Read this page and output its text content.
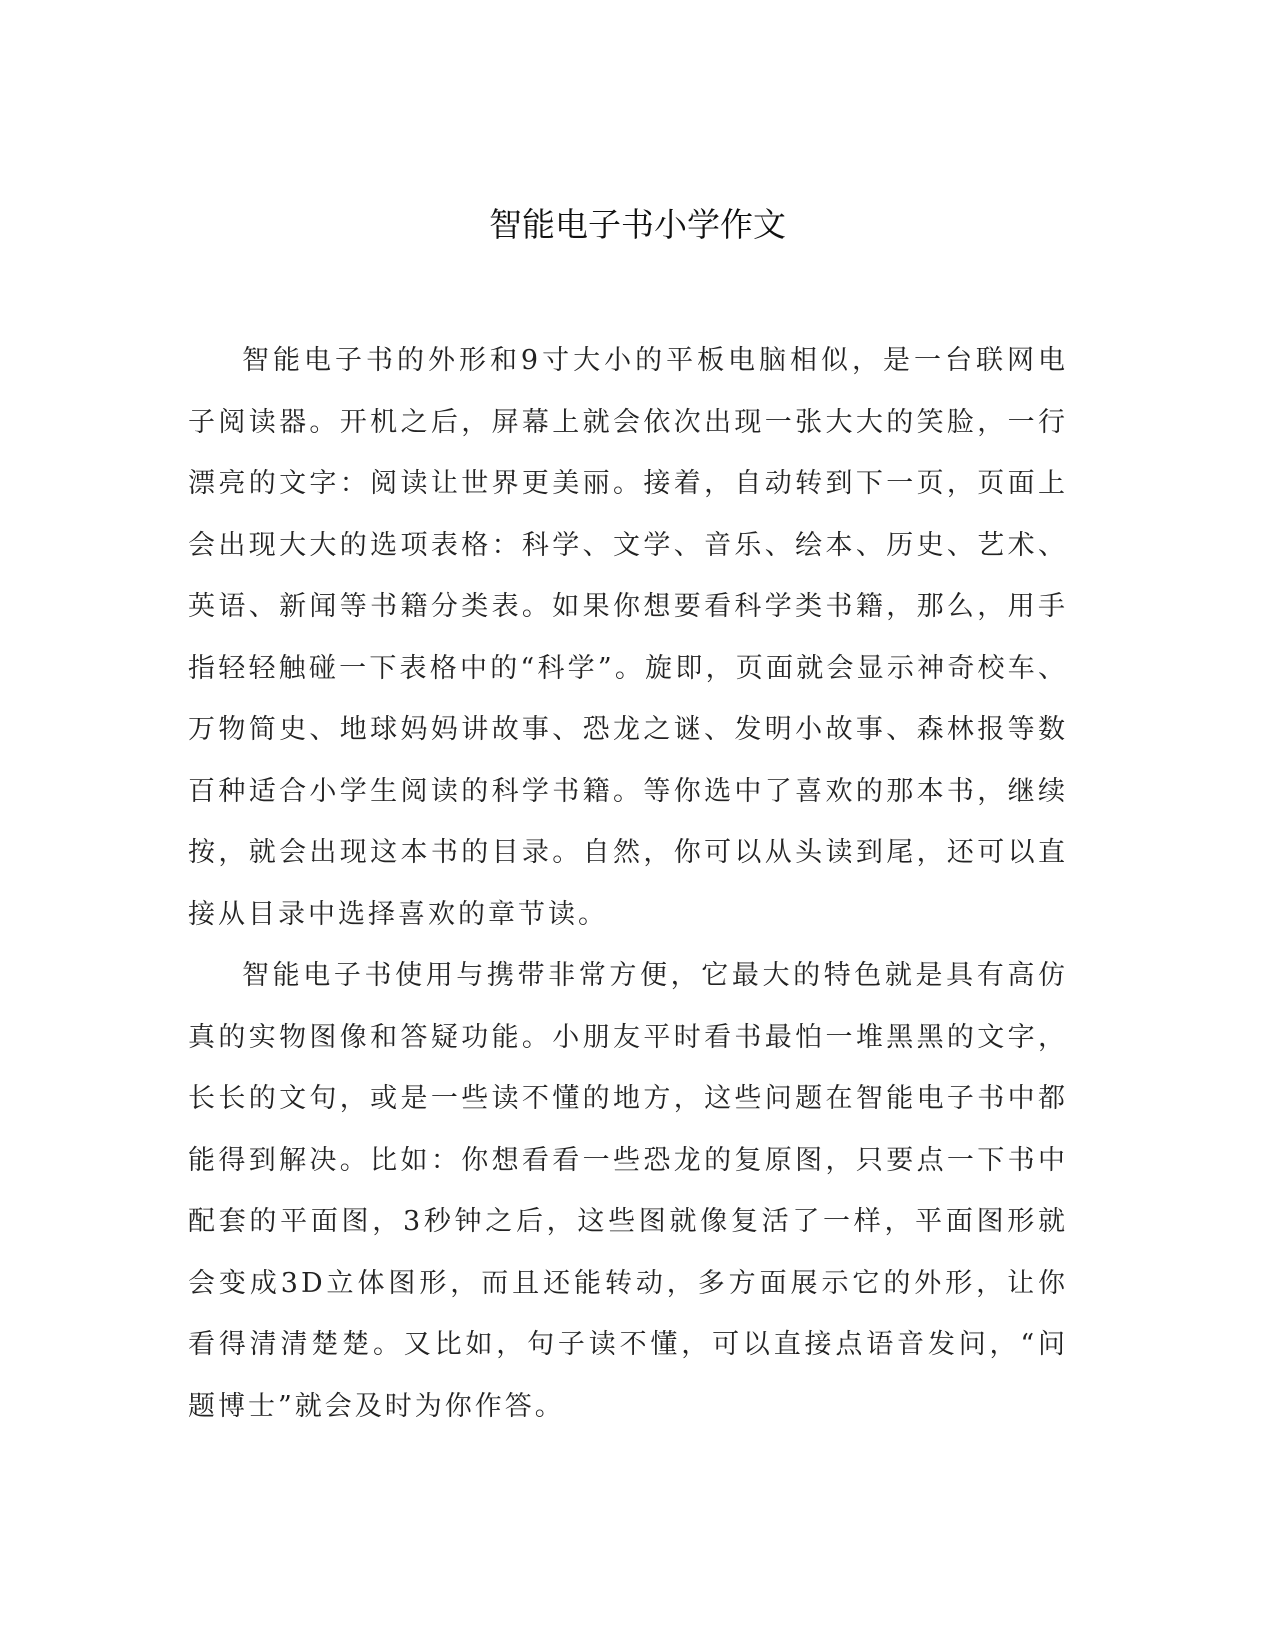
智能电子书小学作文

智能电子书的外形和9寸大小的平板电脑相似，是一台联网电子阅读器。开机之后，屏幕上就会依次出现一张大大的笑脸，一行漂亮的文字：阅读让世界更美丽。接着，自动转到下一页，页面上会出现大大的选项表格：科学、文学、音乐、绘本、历史、艺术、英语、新闻等书籍分类表。如果你想要看科学类书籍，那么，用手指轻轻触碰一下表格中的“科学”。旋即，页面就会显示神奇校车、万物简史、地球妈妈讲故事、恐龙之谜、发明小故事、森林报等数百种适合小学生阅读的科学书籍。等你选中了喜欢的那本书，继续按，就会出现这本书的目录。自然，你可以从头读到尾，还可以直接从目录中选择喜欢的章节读。

智能电子书使用与携带非常方便，它最大的特色就是具有高仿真的实物图像和答疑功能。小朋友平时看书最怕一堆黑黑的文字，长长的文句，或是一些读不懂的地方，这些问题在智能电子书中都能得到解决。比如：你想看看一些恐龙的复原图，只要点一下书中配套的平面图，3秒钟之后，这些图就像复活了一样，平面图形就会变成3D立体图形，而且还能转动，多方面展示它的外形，让你看得清清楚楚。又比如，句子读不懂，可以直接点语音发问，“问题博士”就会及时为你作答。
